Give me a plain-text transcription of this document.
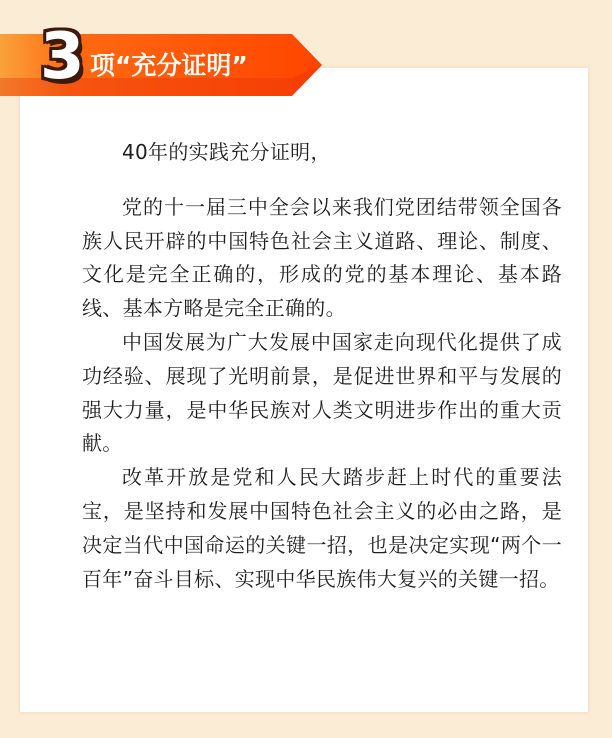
3 项“充分证明”

40年的实践充分证明，

党的十一届三中全会以来我们党团结带领全国各族人民开辟的中国特色社会主义道路、理论、制度、文化是完全正确的，形成的党的基本理论、基本路线、基本方略是完全正确的。

中国发展为广大发展中国家走向现代化提供了成功经验、展现了光明前景，是促进世界和平与发展的强大力量，是中华民族对人类文明进步作出的重大贡献。

改革开放是党和人民大踏步赶上时代的重要法宝，是坚持和发展中国特色社会主义的必由之路，是决定当代中国命运的关键一招，也是决定实现“两个一百年”奋斗目标、实现中华民族伟大复兴的关键一招。
